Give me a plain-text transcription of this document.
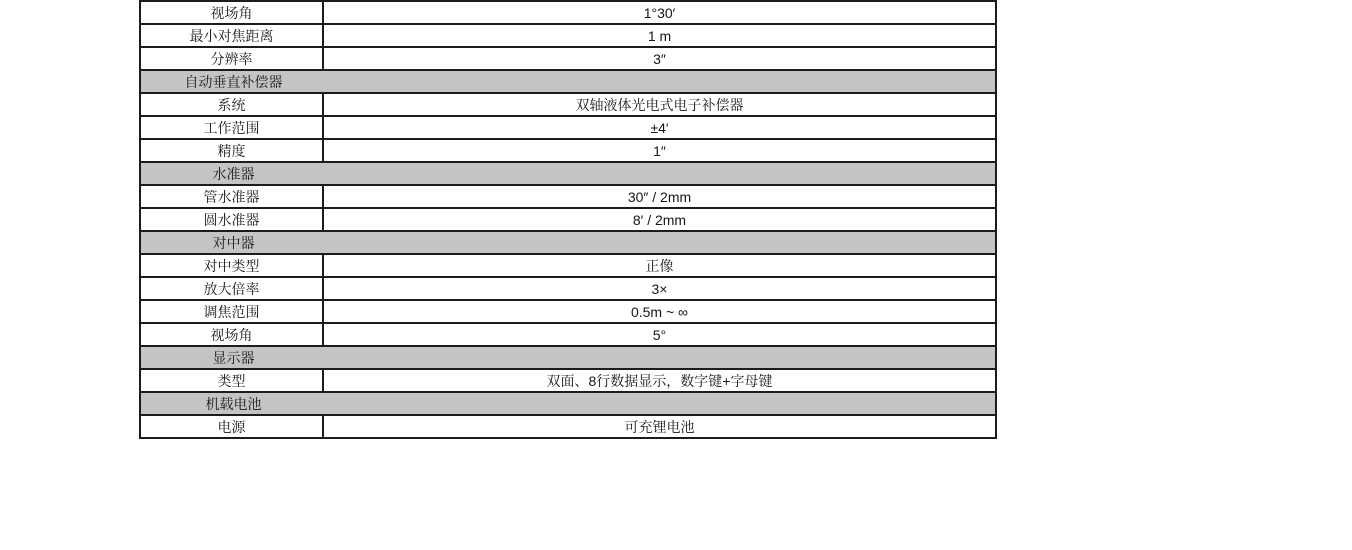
视场角	1°30′
最小对焦距离	1 m
分辨率	3″
自动垂直补偿器
系统	双轴液体光电式电子补偿器
工作范围	±4′
精度	1″
水准器
管水准器	30″ / 2mm
圆水准器	8′ / 2mm
对中器
对中类型	正像
放大倍率	3×
调焦范围	0.5m ~ ∞
视场角	5°
显示器
类型	双面、8行数据显示，数字键+字母键
机载电池
电源	可充锂电池
